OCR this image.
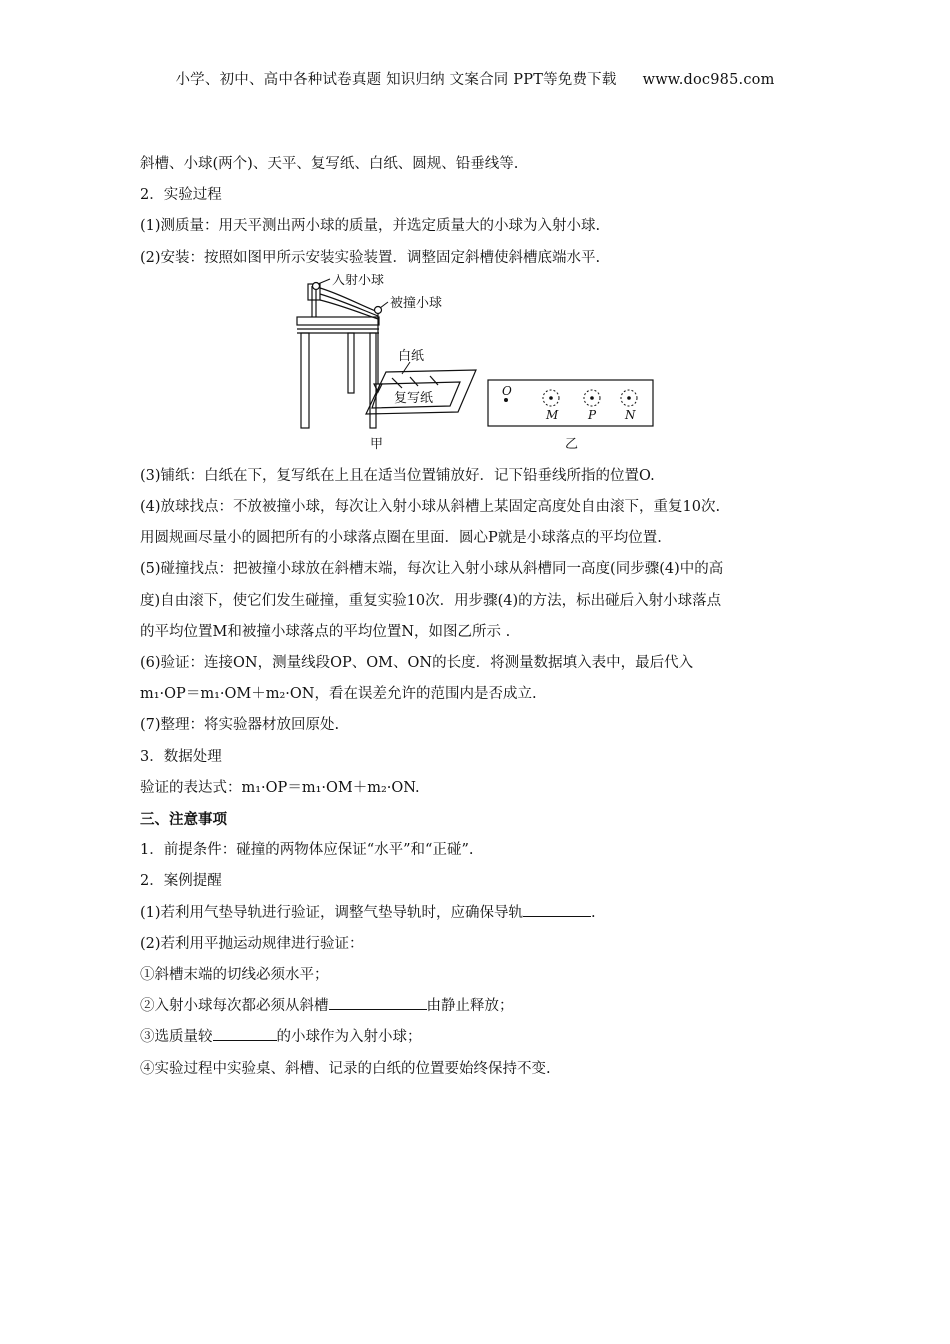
小学、初中、高中各种试卷真题 知识归纳 文案合同 PPT等免费下载 www.doc985.com
斜槽、小球(两个)、天平、复写纸、白纸、圆规、铅垂线等.
2．实验过程
(1)测质量：用天平测出两小球的质量，并选定质量大的小球为入射小球.
(2)安装：按照如图甲所示安装实验装置．调整固定斜槽使斜槽底端水平.
入射小球
被撞小球
白纸
复写纸
甲
O
M P N
乙
(3)铺纸：白纸在下，复写纸在上且在适当位置铺放好．记下铅垂线所指的位置O.
(4)放球找点：不放被撞小球，每次让入射小球从斜槽上某固定高度处自由滚下，重复10次.
用圆规画尽量小的圆把所有的小球落点圈在里面．圆心P就是小球落点的平均位置.
(5)碰撞找点：把被撞小球放在斜槽末端，每次让入射小球从斜槽同一高度(同步骤(4)中的高
度)自由滚下，使它们发生碰撞，重复实验10次．用步骤(4)的方法，标出碰后入射小球落点
的平均位置M和被撞小球落点的平均位置N，如图乙所示 .
(6)验证：连接ON，测量线段OP、OM、ON的长度．将测量数据填入表中，最后代入
m₁·OP＝m₁·OM＋m₂·ON，看在误差允许的范围内是否成立.
(7)整理：将实验器材放回原处.
3．数据处理
验证的表达式：m₁·OP＝m₁·OM＋m₂·ON.
三、注意事项
1．前提条件：碰撞的两物体应保证“水平”和“正碰”.
2．案例提醒
(1)若利用气垫导轨进行验证，调整气垫导轨时，应确保导轨	.
(2)若利用平抛运动规律进行验证：
①斜槽末端的切线必须水平；
②入射小球每次都必须从斜槽	由静止释放；
③选质量较	的小球作为入射小球；
④实验过程中实验桌、斜槽、记录的白纸的位置要始终保持不变.
